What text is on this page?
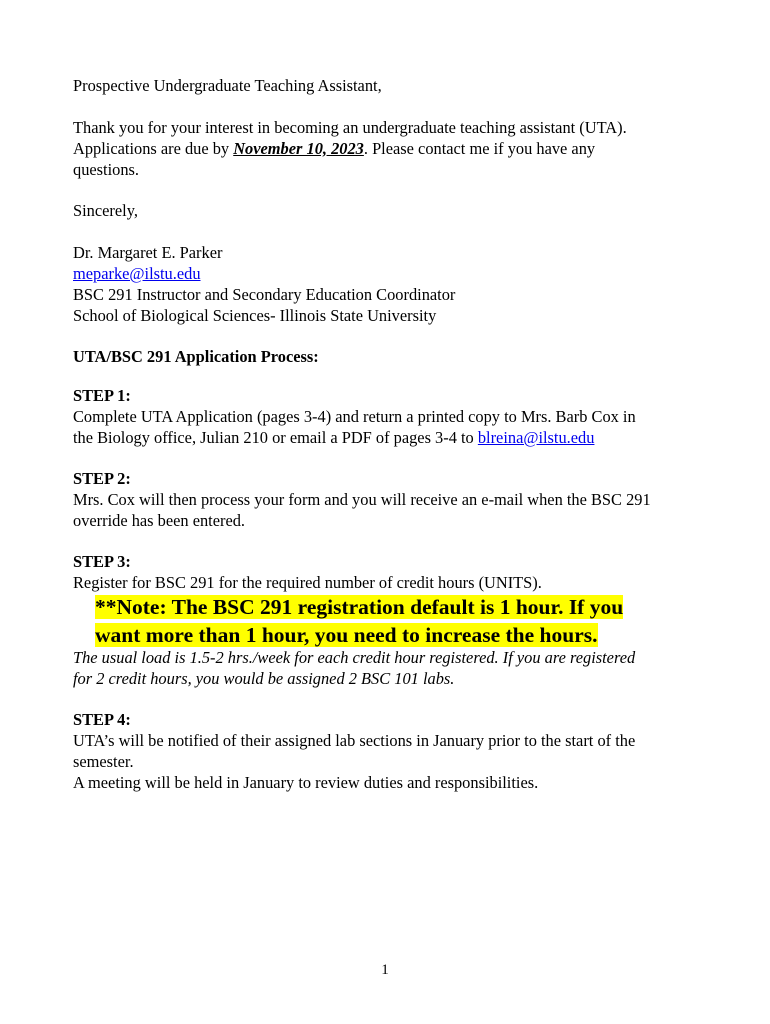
Prospective Undergraduate Teaching Assistant,
Thank you for your interest in becoming an undergraduate teaching assistant (UTA).
Applications are due by November 10, 2023. Please contact me if you have any
questions.
Sincerely,
Dr. Margaret E. Parker
meparke@ilstu.edu
BSC 291 Instructor and Secondary Education Coordinator
School of Biological Sciences- Illinois State University
UTA/BSC 291 Application Process:
STEP 1:
Complete UTA Application (pages 3-4) and return a printed copy to Mrs. Barb Cox in
the Biology office, Julian 210 or email a PDF of pages 3-4 to blreina@ilstu.edu
STEP 2:
Mrs. Cox will then process your form and you will receive an e-mail when the BSC 291
override has been entered.
STEP 3:
Register for BSC 291 for the required number of credit hours (UNITS).
**Note: The BSC 291 registration default is 1 hour. If you
want more than 1 hour, you need to increase the hours.
The usual load is 1.5-2 hrs./week for each credit hour registered. If you are registered
for 2 credit hours, you would be assigned 2 BSC 101 labs.
STEP 4:
UTA’s will be notified of their assigned lab sections in January prior to the start of the
semester.
A meeting will be held in January to review duties and responsibilities.
1
